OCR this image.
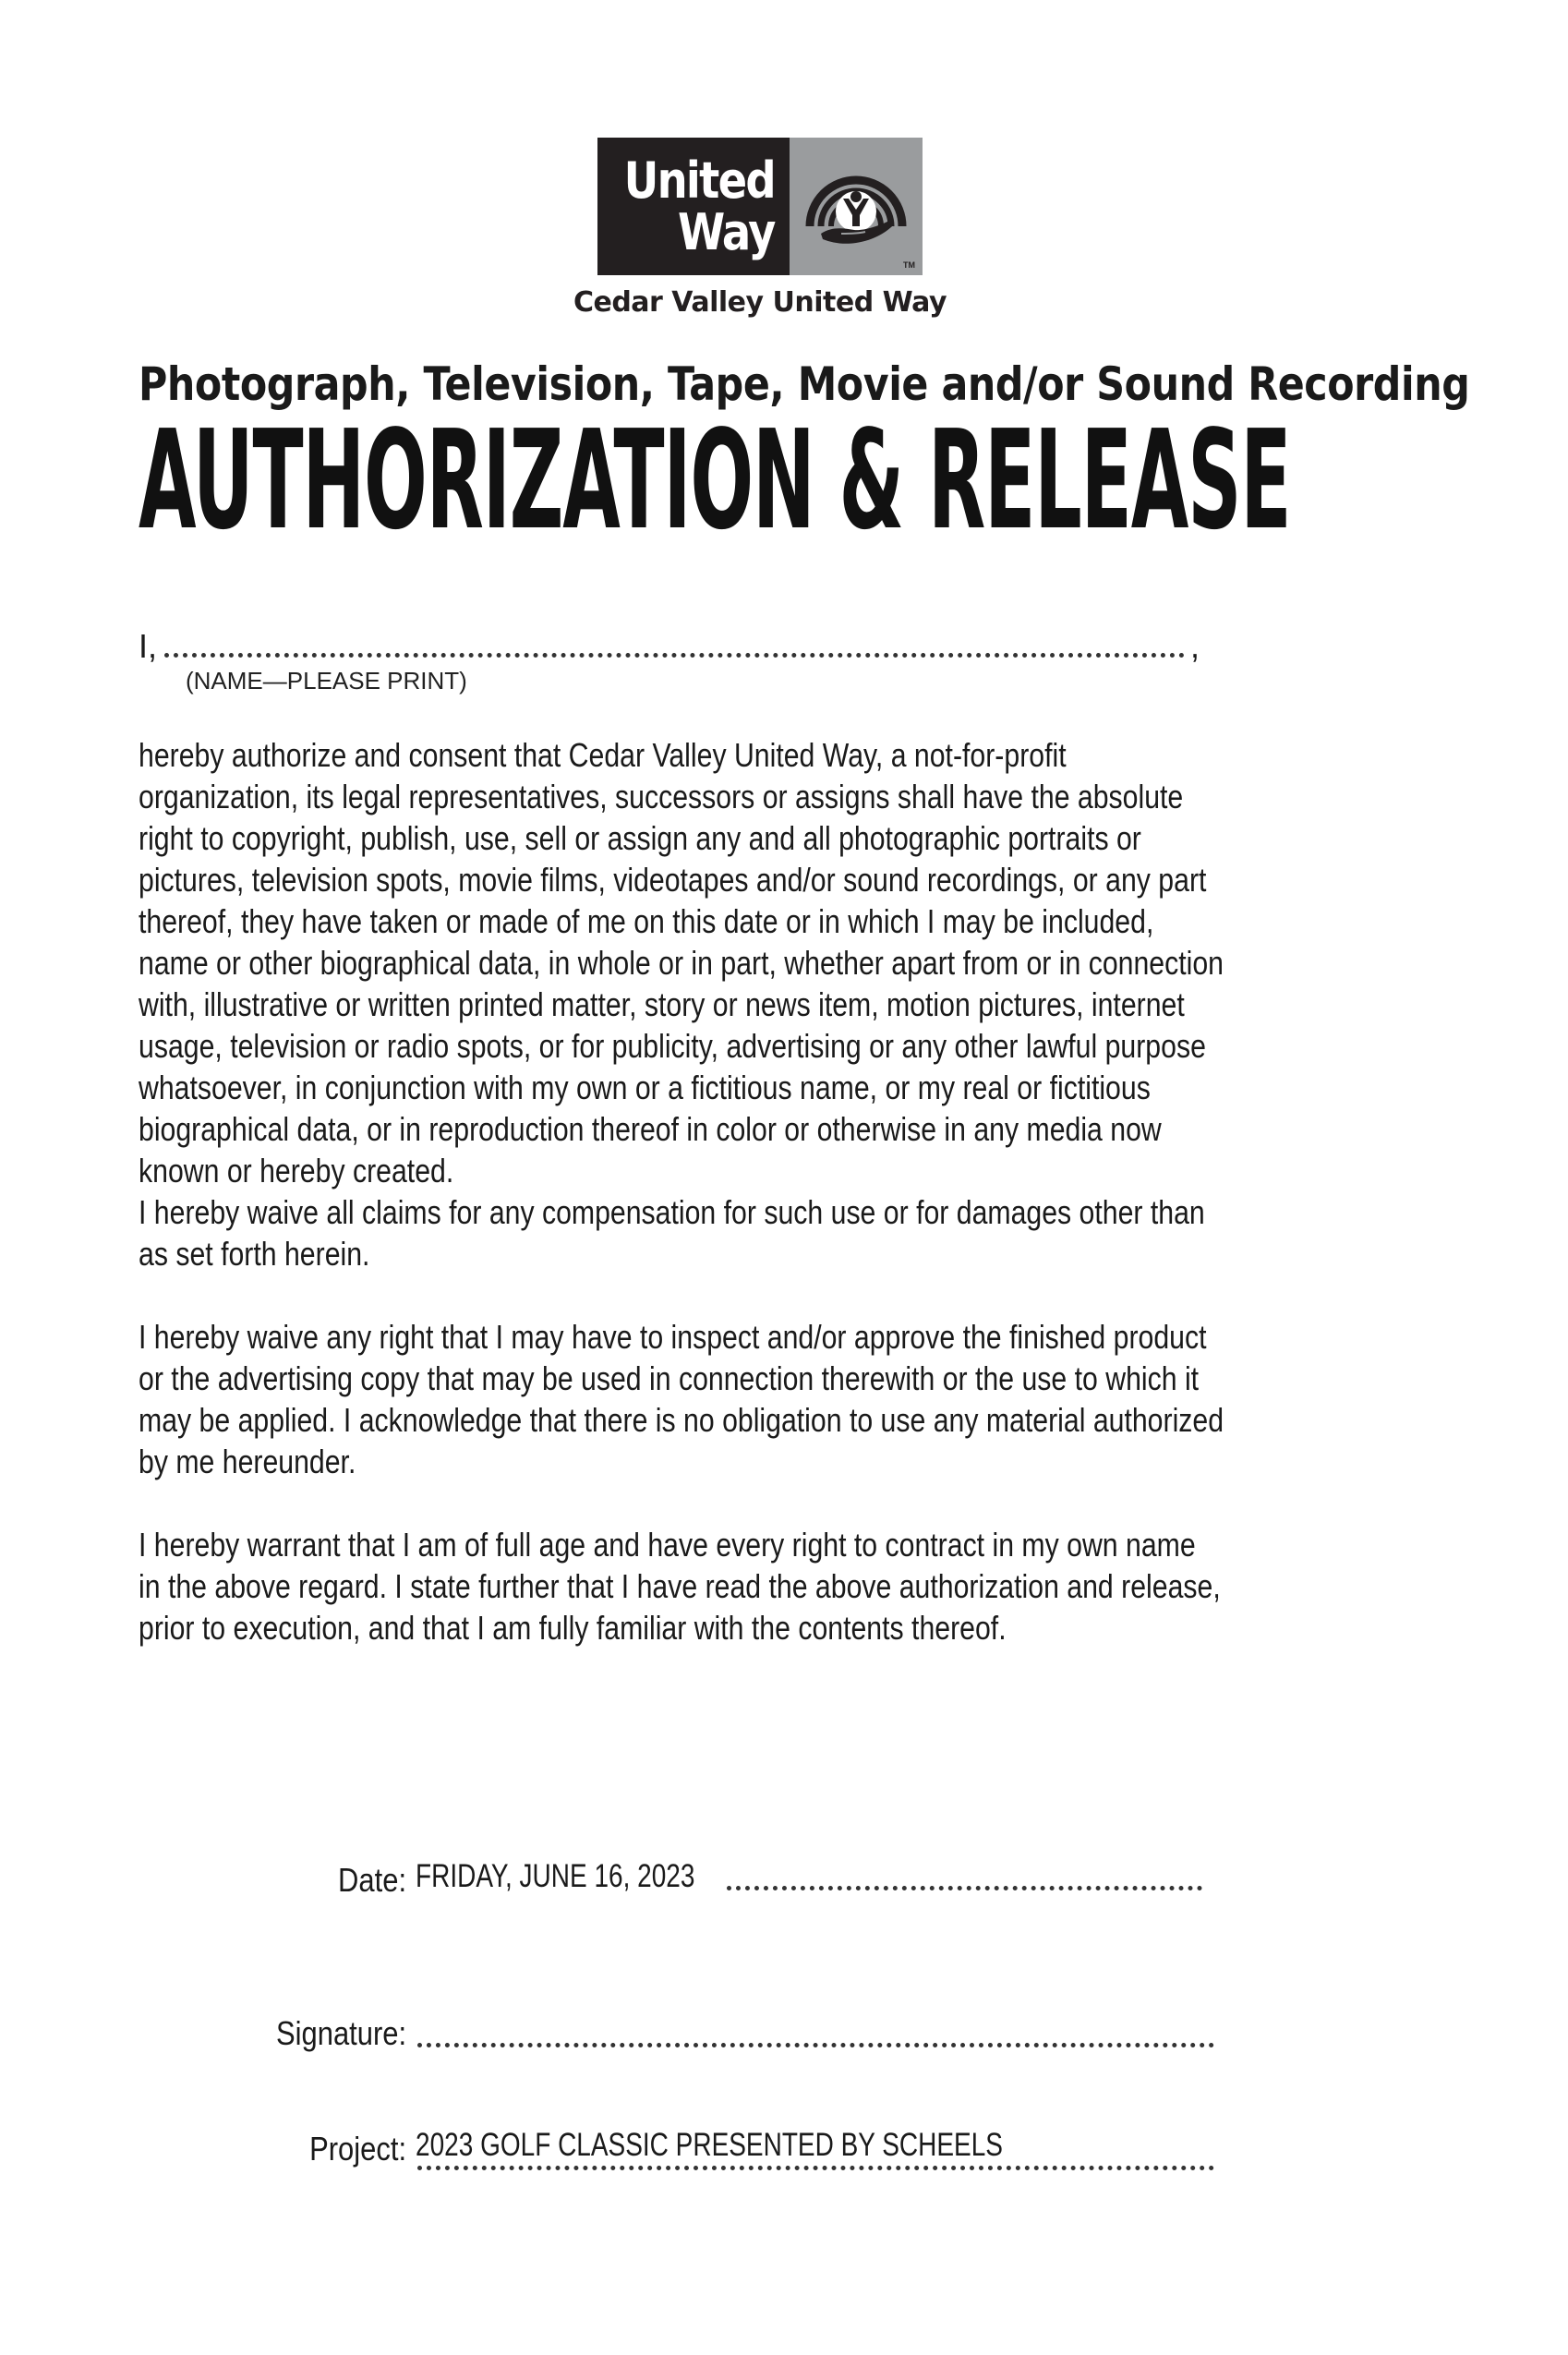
United
Way
TM
Cedar Valley United Way
Photograph, Television, Tape, Movie and/or Sound Recording
AUTHORIZATION & RELEASE
I,	,
(NAME—PLEASE PRINT)

hereby authorize and consent that Cedar Valley United Way, a not-for-profit organization, its legal representatives, successors or assigns shall have the absolute right to copyright, publish, use, sell or assign any and all photographic portraits or pictures, television spots, movie films, videotapes and/or sound recordings, or any part thereof, they have taken or made of me on this date or in which I may be included, name or other biographical data, in whole or in part, whether apart from or in connection with, illustrative or written printed matter, story or news item, motion pictures, internet usage, television or radio spots, or for publicity, advertising or any other lawful purpose whatsoever, in conjunction with my own or a fictitious name, or my real or fictitious biographical data, or in reproduction thereof in color or otherwise in any media now known or hereby created.

I hereby waive all claims for any compensation for such use or for damages other than as set forth herein.

I hereby waive any right that I may have to inspect and/or approve the finished product or the advertising copy that may be used in connection therewith or the use to which it may be applied. I acknowledge that there is no obligation to use any material authorized by me hereunder.

I hereby warrant that I am of full age and have every right to contract in my own name in the above regard. I state further that I have read the above authorization and release, prior to execution, and that I am fully familiar with the contents thereof.

Date: FRIDAY, JUNE 16, 2023
Signature:
Project: 2023 GOLF CLASSIC PRESENTED BY SCHEELS
